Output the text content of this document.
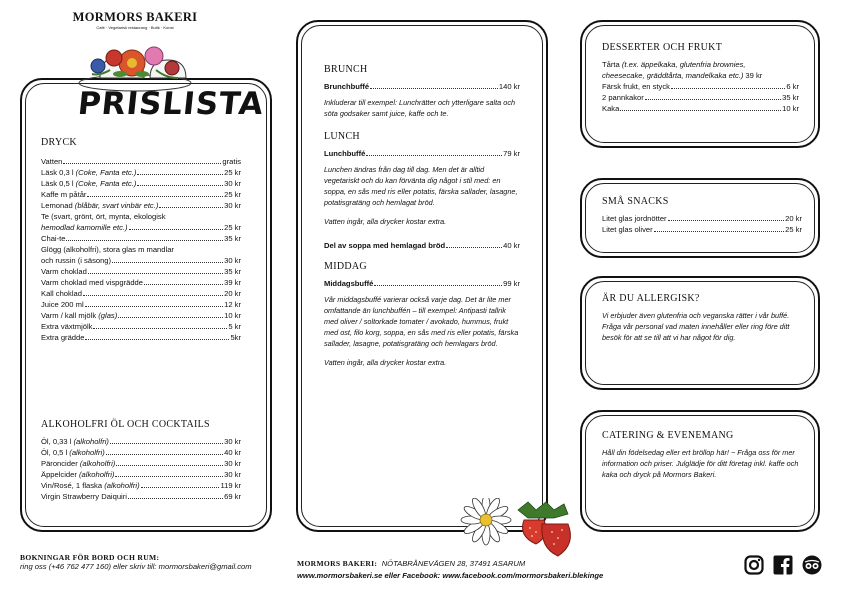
MORMORS BAKERI
Café · Vegetarisk restaurang · Butik · Konst
PRISLISTA

DRYCK

Vatten	gratis
Läsk 0,3 l (Coke, Fanta etc.)	25 kr
Läsk 0,5 l (Coke, Fanta etc.)	30 kr
Kaffe m påtår	25 kr
Lemonad (blåbär, svart vinbär etc.)	30 kr
Te (svart, grönt, ört, mynta, ekologisk
hemodlad kamomille etc.)	25 kr
Chai-te	35 kr
Glögg (alkoholfri), stora glas m mandlar
och russin (i säsong)	30 kr
Varm choklad	35 kr
Varm choklad med vispgrädde	39 kr
Kall choklad	20 kr
Juice 200 ml	12 kr
Varm / kall mjölk (glas)	10 kr
Extra växtmjölk	5 kr
Extra grädde	5kr

ALKOHOLFRI ÖL OCH COCKTAILS

Öl, 0,33 l (alkoholfri)	30 kr
Öl, 0,5 l (alkoholfri)	40 kr
Päroncider (alkoholfri)	30 kr
Äppelcider (alkoholfri)	30 kr
Vin/Rosé, 1 flaska (alkoholfri)	119 kr
Virgin Strawberry Daiquiri	69 kr

BRUNCH

Brunchbuffé	140 kr
Inkluderar till exempel: Lunchrätter och ytterligare salta och söta godsaker samt juice, kaffe och te.

LUNCH

Lunchbuffé	79 kr
Lunchen ändras från dag till dag. Men det är alltid vegetariskt och du kan förvänta dig något i stil med: en soppa, en sås med ris eller potatis, färska sallader, lasagne, potatisgratäng och hemlagat bröd.
Vatten ingår, alla drycker kostar extra.
Del av soppa med hemlagad bröd	40 kr

MIDDAG

Middagsbuffé	99 kr
Vår middagsbuffé varierar också varje dag. Det är lite mer omfattande än lunchbuffén – till exempel: Antipasti tallrik med oliver / soltorkade tomater / avokado, hummus, frukt med ost, filo korg, soppa, en sås med ris eller potatis, färska sallader, lasagne, potatisgratäng och hemlagars bröd.
Vatten ingår, alla drycker kostar extra.

DESSERTER OCH FRUKT

Tårta (t.ex. äppelkaka, glutenfria brownies,
cheesecake, gräddtårta, mandelkaka etc.) 39 kr
Färsk frukt, en styck	6 kr
2 pannkakor	35 kr
Kaka	10 kr

SMÅ SNACKS

Litet glas jordnötter	20 kr
Litet glas oliver	25 kr

ÄR DU ALLERGISK?

Vi erbjuder även glutenfria och veganska rätter i vår buffé. Fråga vår personal vad maten innehåller eller ring före ditt besök för att se till att vi har något för dig.

CATERING & EVENEMANG

Håll din födelsedag eller ert bröllop här! ~ Fråga oss för mer information och priser. Julglädje för ditt företag inkl. kaffe och kaka och dryck på Mormors Bakeri.
BOKNINGAR FÖR BORD OCH RUM:
ring oss (+46 762 477 160) eller skriv till: mormorsbakeri@gmail.com	MORMORS BAKERI: NÖTABRÅNEVÄGEN 28, 37491 ASARUM
www.mormorsbakeri.se eller Facebook: www.facebook.com/mormorsbakeri.blekinge
